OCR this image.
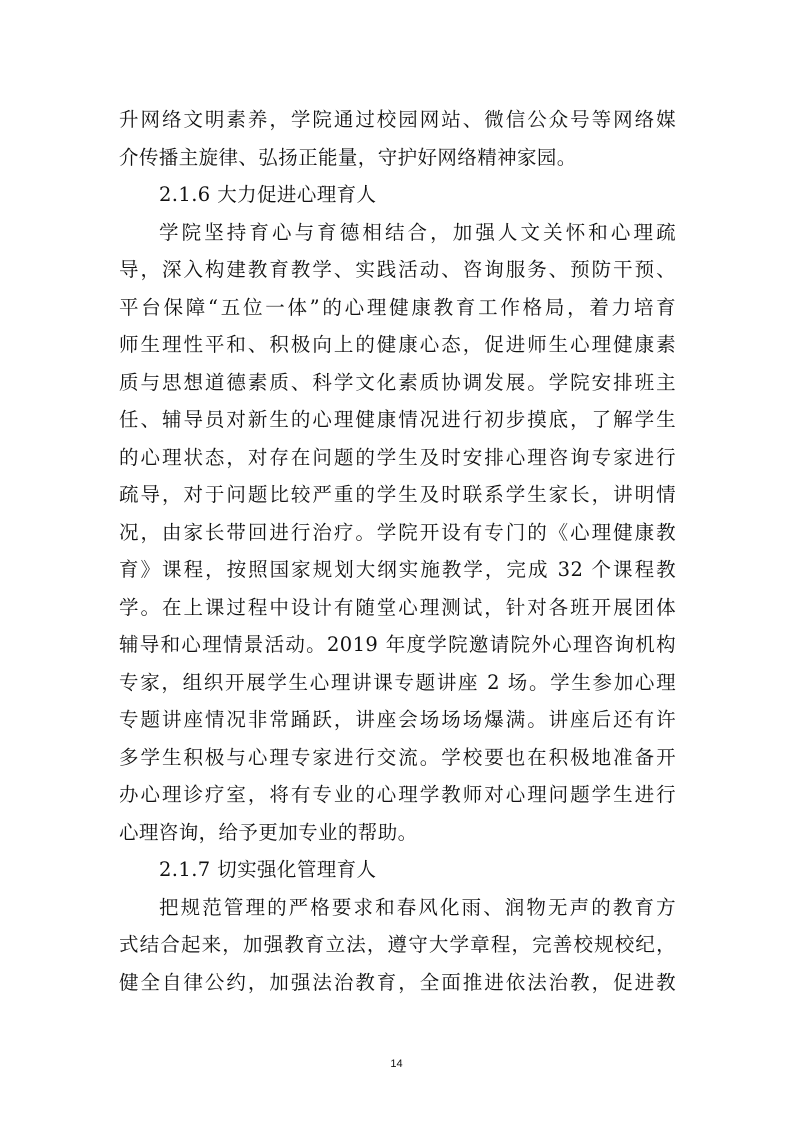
升网络文明素养，学院通过校园网站、微信公众号等网络媒
介传播主旋律、弘扬正能量，守护好网络精神家园。
2.1.6 大力促进心理育人
学院坚持育心与育德相结合，加强人文关怀和心理疏
导，深入构建教育教学、实践活动、咨询服务、预防干预、
平台保障“五位一体”的心理健康教育工作格局，着力培育
师生理性平和、积极向上的健康心态，促进师生心理健康素
质与思想道德素质、科学文化素质协调发展。学院安排班主
任、辅导员对新生的心理健康情况进行初步摸底，了解学生
的心理状态，对存在问题的学生及时安排心理咨询专家进行
疏导，对于问题比较严重的学生及时联系学生家长，讲明情
况，由家长带回进行治疗。学院开设有专门的《心理健康教
育》课程，按照国家规划大纲实施教学，完成 32 个课程教
学。在上课过程中设计有随堂心理测试，针对各班开展团体
辅导和心理情景活动。2019 年度学院邀请院外心理咨询机构
专家，组织开展学生心理讲课专题讲座 2 场。学生参加心理
专题讲座情况非常踊跃，讲座会场场场爆满。讲座后还有许
多学生积极与心理专家进行交流。学校要也在积极地准备开
办心理诊疗室，将有专业的心理学教师对心理问题学生进行
心理咨询，给予更加专业的帮助。
2.1.7 切实强化管理育人
把规范管理的严格要求和春风化雨、润物无声的教育方
式结合起来，加强教育立法，遵守大学章程，完善校规校纪，
健全自律公约，加强法治教育，全面推进依法治教，促进教
14
